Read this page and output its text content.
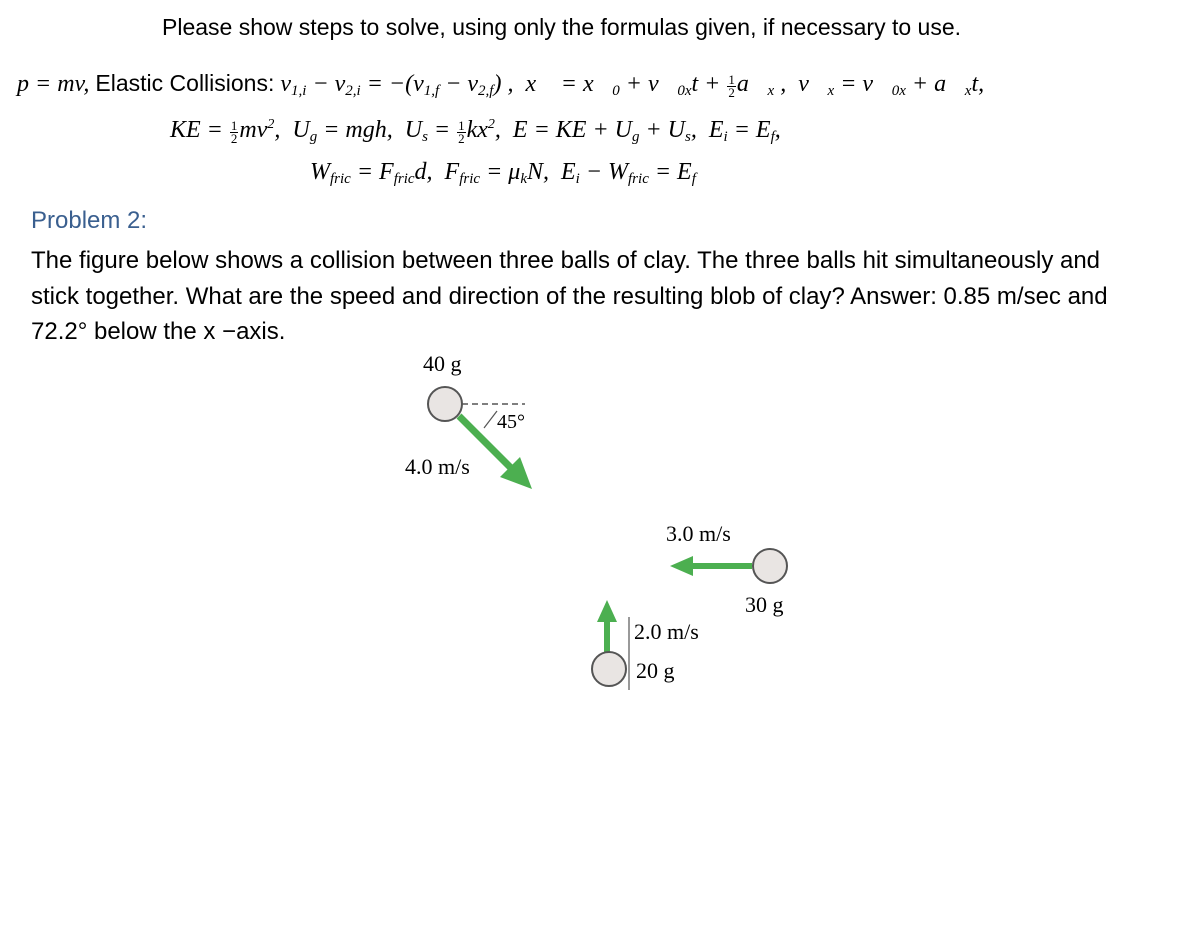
Please show steps to solve, using only the formulas given, if necessary to use.
p = mv, Elastic Collisions: $v_{1,i} - v_{2,i} = -(v_{1,f} - v_{2,f})$ ,  x⃗ = $x⃗_0$ + $v⃗_{0x}t + \frac{1}{2}$ $a⃗_x$ ,  $v⃗_x$ = $v⃗_{0x}$ + $a⃗_xt$,
KE = $\frac{1}{2} mv^2$,  $U_g$ = mgh,  $U_s = \frac{1}{2} kx^2$,  E = KE + $U_g + U_s$,  $E_i = E_f$,
$W_{fric} = F_{fric}d$,  $F_{fric} = \mu_kN$,  $E_i - W_{fric} = E_f$
Problem 2:
The figure below shows a collision between three balls of clay. The three balls hit simultaneously and stick together. What are the speed and direction of the resulting blob of clay? Answer: 0.85 m/sec and 72.2° below the x −axis.
40 g
45°
4.0 m/s
3.0 m/s
30 g
2.0 m/s
20 g
